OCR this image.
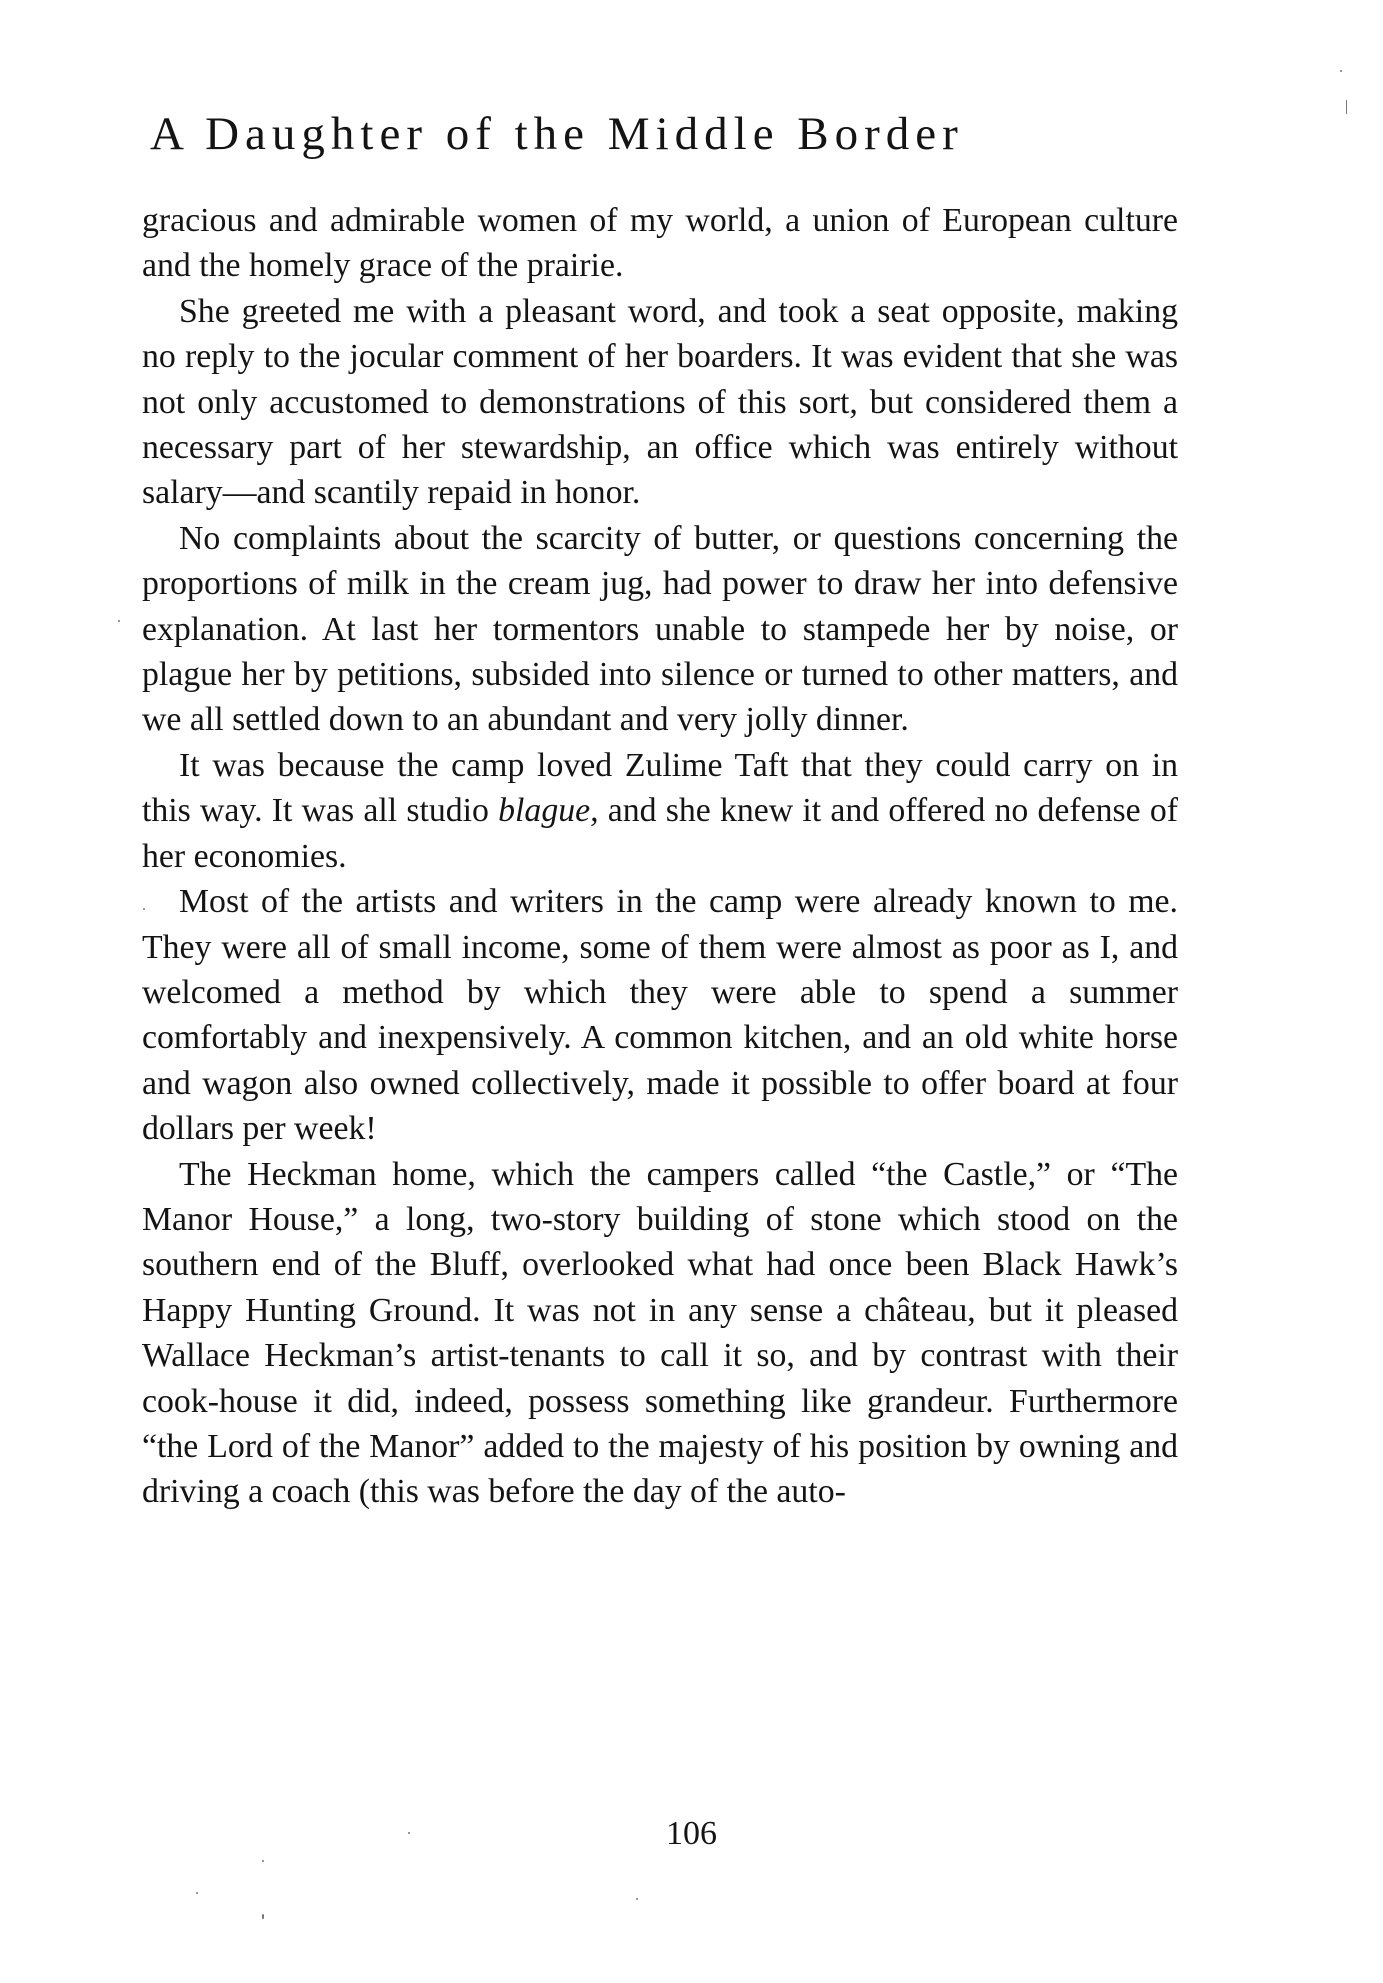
A Daughter of the Middle Border

gracious and admirable women of my world, a union of European culture and the homely grace of the prairie.

She greeted me with a pleasant word, and took a seat opposite, making no reply to the jocular comment of her boarders. It was evident that she was not only accustomed to demonstrations of this sort, but considered them a necessary part of her stewardship, an office which was entirely without salary—and scantily repaid in honor.

No complaints about the scarcity of butter, or questions concerning the proportions of milk in the cream jug, had power to draw her into defensive explanation. At last her tormentors unable to stampede her by noise, or plague her by petitions, subsided into silence or turned to other matters, and we all settled down to an abundant and very jolly dinner.

It was because the camp loved Zulime Taft that they could carry on in this way. It was all studio blague, and she knew it and offered no defense of her economies.

Most of the artists and writers in the camp were already known to me. They were all of small income, some of them were almost as poor as I, and welcomed a method by which they were able to spend a summer comfortably and inexpensively. A common kitchen, and an old white horse and wagon also owned collectively, made it possible to offer board at four dollars per week!

The Heckman home, which the campers called “the Castle,” or “The Manor House,” a long, two-story building of stone which stood on the southern end of the Bluff, overlooked what had once been Black Hawk’s Happy Hunting Ground. It was not in any sense a château, but it pleased Wallace Heckman’s artist-tenants to call it so, and by contrast with their cook-house it did, indeed, possess something like grandeur. Furthermore “the Lord of the Manor” added to the majesty of his position by owning and driving a coach (this was before the day of the auto-

106
